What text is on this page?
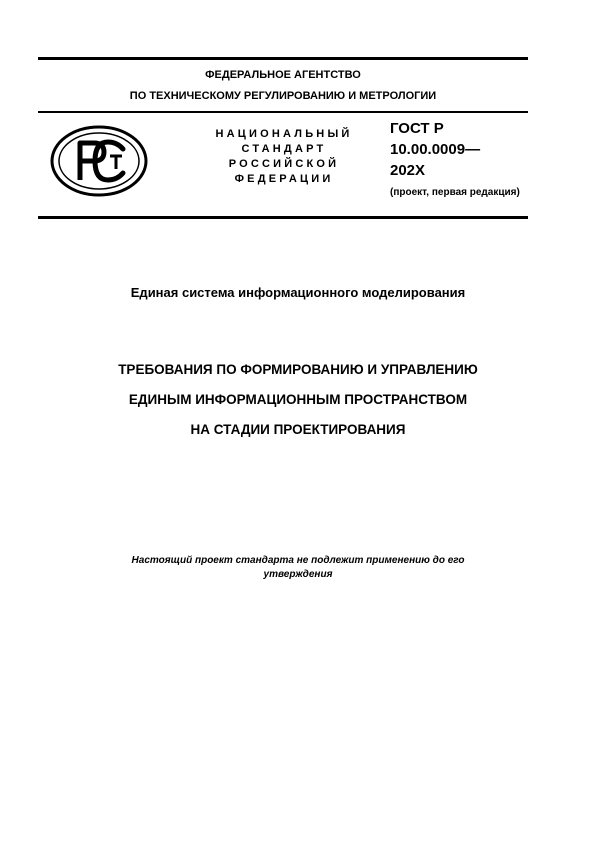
ФЕДЕРАЛЬНОЕ АГЕНТСТВО
ПО ТЕХНИЧЕСКОМУ РЕГУЛИРОВАНИЮ И МЕТРОЛОГИИ
НАЦИОНАЛЬНЫЙ
СТАНДАРТ
РОССИЙСКОЙ
ФЕДЕРАЦИИ
ГОСТ Р
10.00.0009—
202Х
(проект, первая редакция)
Единая система информационного моделирования
ТРЕБОВАНИЯ ПО ФОРМИРОВАНИЮ И УПРАВЛЕНИЮ
ЕДИНЫМ ИНФОРМАЦИОННЫМ ПРОСТРАНСТВОМ
НА СТАДИИ ПРОЕКТИРОВАНИЯ
Настоящий проект стандарта не подлежит применению до его
утверждения
